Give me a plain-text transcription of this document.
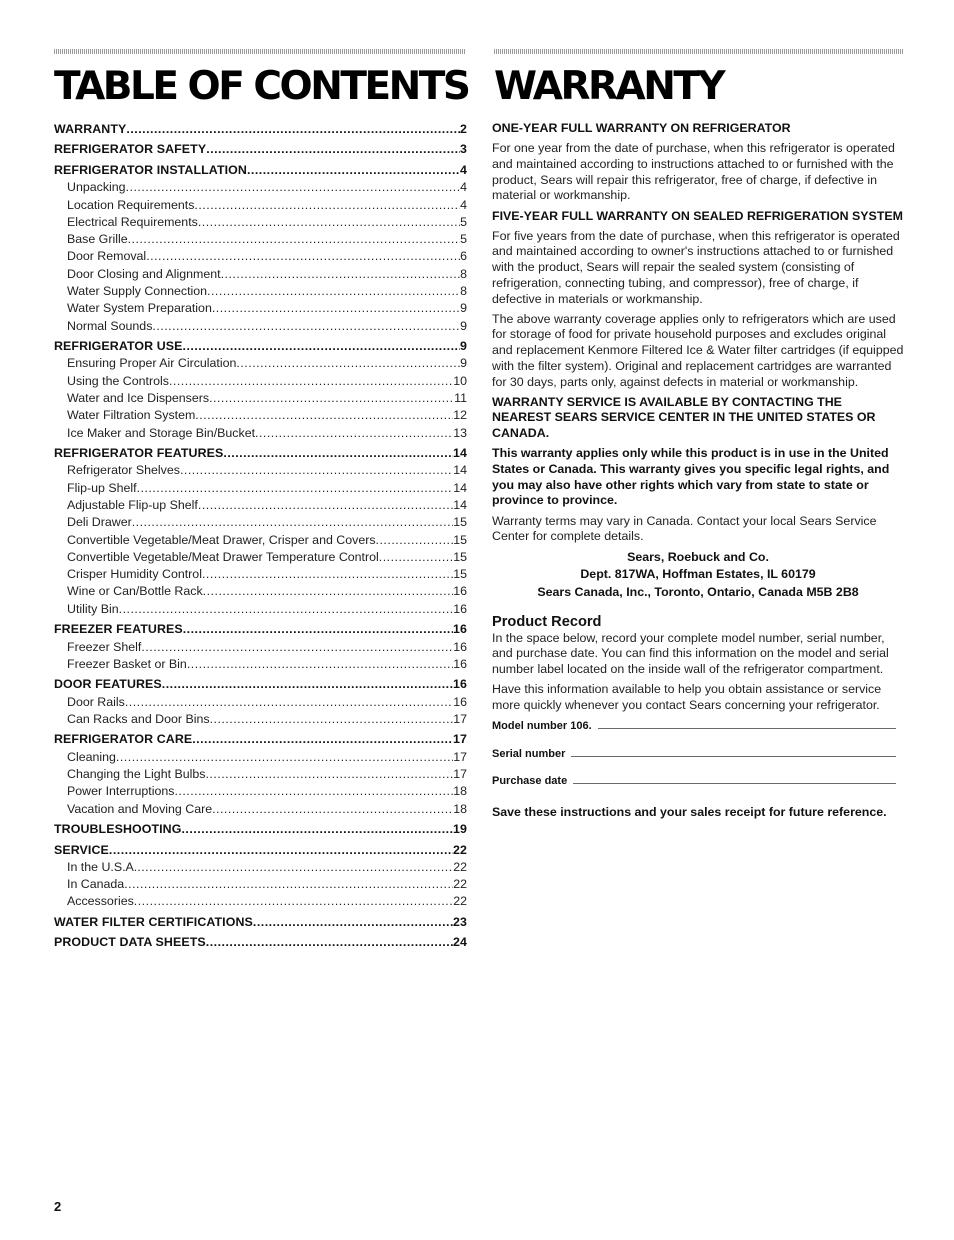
TABLE OF CONTENTS WARRANTY
WARRANTY .....	2
REFRIGERATOR SAFETY .....	3
REFRIGERATOR INSTALLATION .....	4
Unpacking .....	4
Location Requirements .....	4
Electrical Requirements .....	5
Base Grille .....	5
Door Removal .....	6
Door Closing and Alignment .....	8
Water Supply Connection .....	8
Water System Preparation .....	9
Normal Sounds .....	9
REFRIGERATOR USE .....	9
Ensuring Proper Air Circulation .....	9
Using the Controls .....	10
Water and Ice Dispensers .....	11
Water Filtration System .....	12
Ice Maker and Storage Bin/Bucket .....	13
REFRIGERATOR FEATURES .....	14
Refrigerator Shelves .....	14
Flip-up Shelf .....	14
Adjustable Flip-up Shelf .....	14
Deli Drawer .....	15
Convertible Vegetable/Meat Drawer, Crisper and Covers .....	15
Convertible Vegetable/Meat Drawer Temperature Control .....	15
Crisper Humidity Control .....	15
Wine or Can/Bottle Rack .....	16
Utility Bin .....	16
FREEZER FEATURES .....	16
Freezer Shelf .....	16
Freezer Basket or Bin .....	16
DOOR FEATURES .....	16
Door Rails .....	16
Can Racks and Door Bins .....	17
REFRIGERATOR CARE .....	17
Cleaning .....	17
Changing the Light Bulbs .....	17
Power Interruptions .....	18
Vacation and Moving Care .....	18
TROUBLESHOOTING .....	19
SERVICE .....	22
In the U.S.A. .....	22
In Canada .....	22
Accessories .....	22
WATER FILTER CERTIFICATIONS .....	23
PRODUCT DATA SHEETS .....	24

ONE-YEAR FULL WARRANTY ON REFRIGERATOR

For one year from the date of purchase, when this refrigerator is operated and maintained according to instructions attached to or furnished with the product, Sears will repair this refrigerator, free of charge, if defective in material or workmanship.

FIVE-YEAR FULL WARRANTY ON SEALED REFRIGERATION SYSTEM

For five years from the date of purchase, when this refrigerator is operated and maintained according to owner's instructions attached to or furnished with the product, Sears will repair the sealed system (consisting of refrigeration, connecting tubing, and compressor), free of charge, if defective in materials or workmanship.

The above warranty coverage applies only to refrigerators which are used for storage of food for private household purposes and excludes original and replacement Kenmore Filtered Ice & Water filter cartridges (if equipped with the filter system). Original and replacement cartridges are warranted for 30 days, parts only, against defects in material or workmanship.

WARRANTY SERVICE IS AVAILABLE BY CONTACTING THE NEAREST SEARS SERVICE CENTER IN THE UNITED STATES OR CANADA.

This warranty applies only while this product is in use in the United States or Canada. This warranty gives you specific legal rights, and you may also have other rights which vary from state to state or province to province.

Warranty terms may vary in Canada. Contact your local Sears Service Center for complete details.

Sears, Roebuck and Co.

Dept. 817WA, Hoffman Estates, IL 60179

Sears Canada, Inc., Toronto, Ontario, Canada M5B 2B8

Product Record

In the space below, record your complete model number, serial number, and purchase date. You can find this information on the model and serial number label located on the inside wall of the refrigerator compartment.

Have this information available to help you obtain assistance or service more quickly whenever you contact Sears concerning your refrigerator.

Model number 106.
Serial number
Purchase date

Save these instructions and your sales receipt for future reference.

2
